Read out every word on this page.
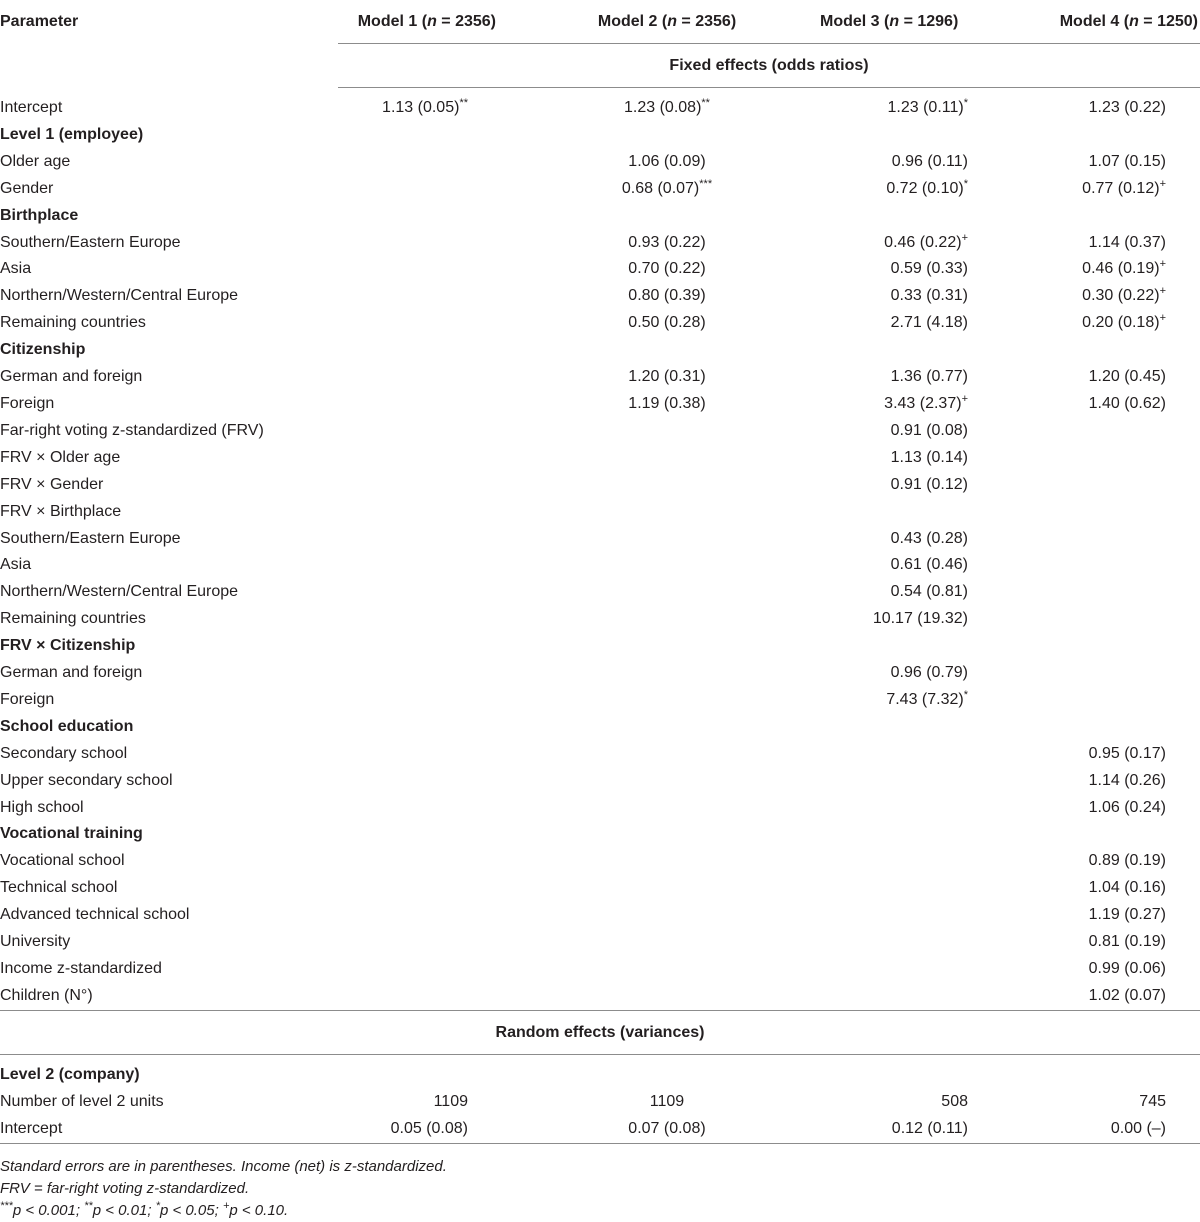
Parameter	Model 1 (n = 2356)	Model 2 (n = 2356)	Model 3 (n = 1296)	Model 4 (n = 1250)
	Fixed effects (odds ratios)			
Intercept	1.13 (0.05)**	1.23 (0.08)**	1.23 (0.11)*	1.23 (0.22)
Level 1 (employee)				
Older age		1.06 (0.09)	0.96 (0.11)	1.07 (0.15)
Gender		0.68 (0.07)***	0.72 (0.10)*	0.77 (0.12)+
Birthplace				
Southern/Eastern Europe		0.93 (0.22)	0.46 (0.22)+	1.14 (0.37)
Asia		0.70 (0.22)	0.59 (0.33)	0.46 (0.19)+
Northern/Western/Central Europe		0.80 (0.39)	0.33 (0.31)	0.30 (0.22)+
Remaining countries		0.50 (0.28)	2.71 (4.18)	0.20 (0.18)+
Citizenship				
German and foreign		1.20 (0.31)	1.36 (0.77)	1.20 (0.45)
Foreign		1.19 (0.38)	3.43 (2.37)+	1.40 (0.62)
Far-right voting z-standardized (FRV)			0.91 (0.08)	
FRV × Older age			1.13 (0.14)	
FRV × Gender			0.91 (0.12)	
FRV × Birthplace				
Southern/Eastern Europe			0.43 (0.28)	
Asia			0.61 (0.46)	
Northern/Western/Central Europe			0.54 (0.81)	
Remaining countries			10.17 (19.32)	
FRV × Citizenship				
German and foreign			0.96 (0.79)	
Foreign			7.43 (7.32)*	
School education				
Secondary school				0.95 (0.17)
Upper secondary school				1.14 (0.26)
High school				1.06 (0.24)
Vocational training				
Vocational school				0.89 (0.19)
Technical school				1.04 (0.16)
Advanced technical school				1.19 (0.27)
University				0.81 (0.19)
Income z-standardized				0.99 (0.06)
Children (N°)				1.02 (0.07)
Random effects (variances)				
Level 2 (company)				
Number of level 2 units	1109	1109	508	745
Intercept	0.05 (0.08)	0.07 (0.08)	0.12 (0.11)	0.00 (–)
Standard errors are in parentheses. Income (net) is z-standardized.
FRV = far-right voting z-standardized.
***p < 0.001; **p < 0.01; *p < 0.05; +p < 0.10.
